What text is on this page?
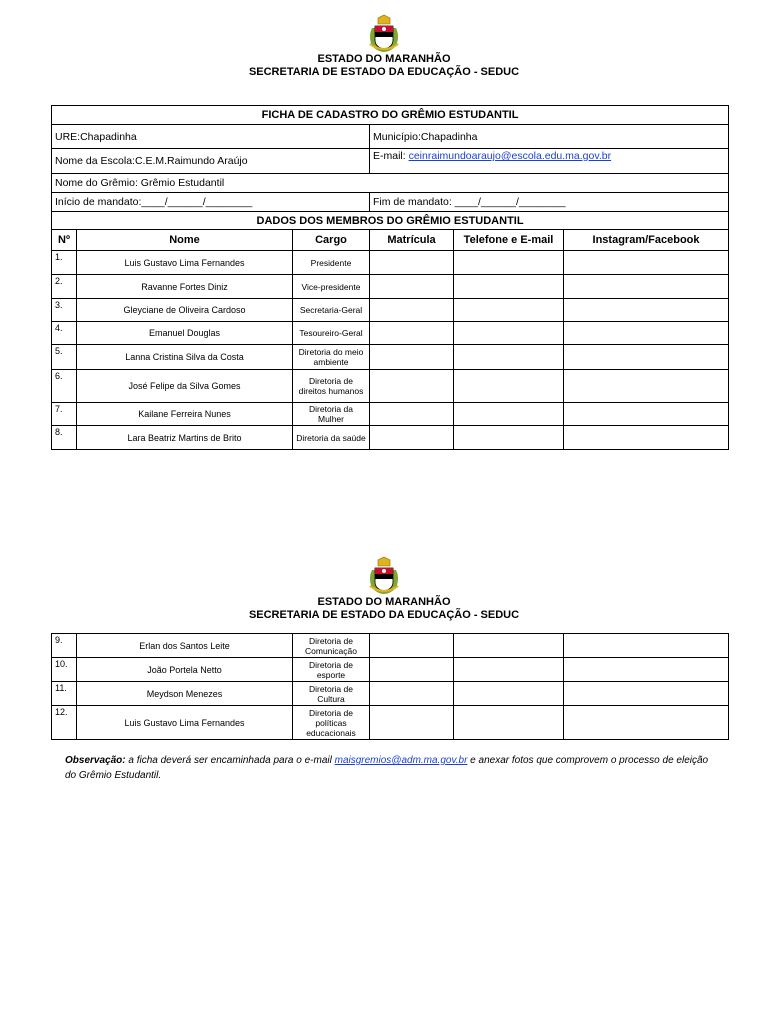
ESTADO DO MARANHÃO
SECRETARIA DE ESTADO DA EDUCAÇÃO - SEDUC
FICHA DE CADASTRO DO GRÊMIO ESTUDANTIL					
URE:Chapadinha			Município:Chapadinha		
Nome da Escola:C.E.M.Raimundo Araújo			E-mail: ceinraimundoaraujo@escola.edu.ma.gov.br		
Nome do Grêmio: Grêmio Estudantil					
Início de mandato:____/______/________			Fim de mandato: ____/______/________		
DADOS DOS MEMBROS DO GRÊMIO ESTUDANTIL					
Nº	Nome	Cargo	Matrícula	Telefone e E-mail	Instagram/Facebook
1.	Luis Gustavo Lima Fernandes	Presidente			
2.	Ravanne Fortes Diniz	Vice-presidente			
3.	Gleyciane de Oliveira Cardoso	Secretaria-Geral			
4.	Emanuel Douglas	Tesoureiro-Geral			
5.	Lanna Cristina Silva da Costa	Diretoria do meio ambiente			
6.	José Felipe da Silva Gomes	Diretoria de direitos humanos			
7.	Kailane Ferreira Nunes	Diretoria da Mulher			
8.	Lara Beatriz Martins de Brito	Diretoria da saúde			
ESTADO DO MARANHÃO
SECRETARIA DE ESTADO DA EDUCAÇÃO - SEDUC
9.	Erlan dos Santos Leite	Diretoria de Comunicação			
10.	João Portela Netto	Diretoria de esporte			
11.	Meydson Menezes	Diretoria de Cultura			
12.	Luis Gustavo Lima Fernandes	Diretoria de políticas educacionais			
Observação: a ficha deverá ser encaminhada para o e-mail maisgremios@adm.ma.gov.br e anexar fotos que comprovem o processo de eleição do Grêmio Estudantil.
